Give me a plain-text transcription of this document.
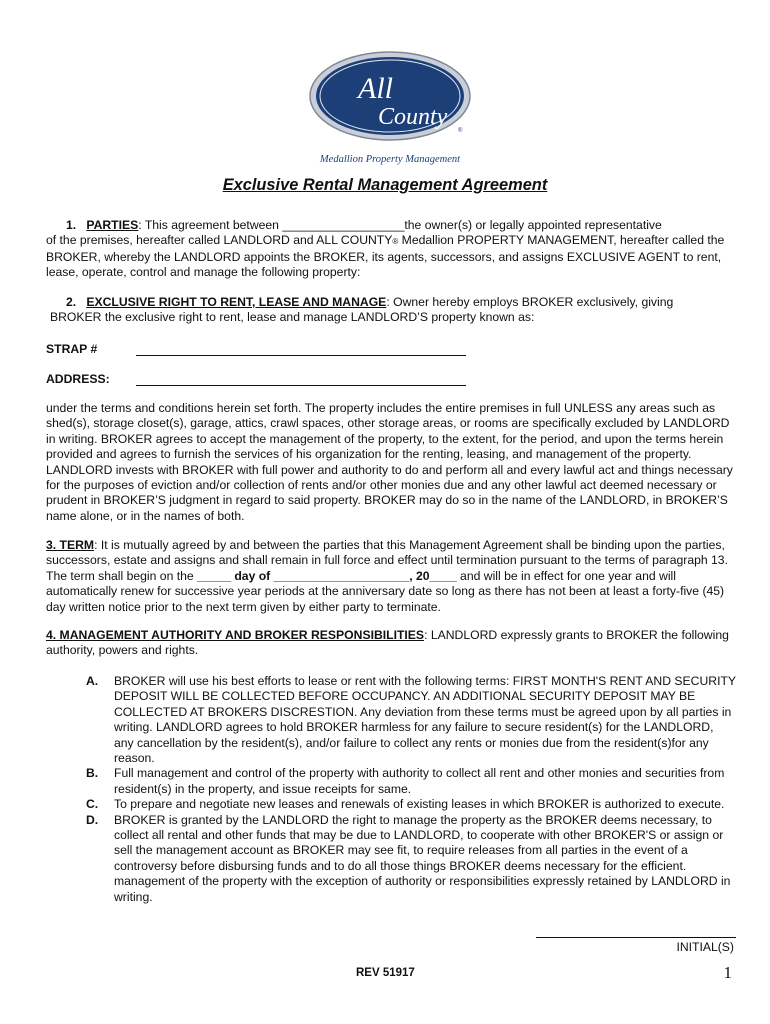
All
County
®
Medallion Property Management
Exclusive Rental Management Agreement
1. PARTIES: This agreement between __________________the owner(s) or legally appointed representative
of the premises, hereafter called LANDLORD and ALL COUNTY® Medallion PROPERTY MANAGEMENT, hereafter called the BROKER, whereby the LANDLORD appoints the BROKER, its agents, successors, and assigns EXCLUSIVE AGENT to rent, lease, operate, control and manage the following property:
2. EXCLUSIVE RIGHT TO RENT, LEASE AND MANAGE: Owner hereby employs BROKER exclusively, giving
BROKER the exclusive right to rent, lease and manage LANDLORD’S property known as:
STRAP #
ADDRESS:
under the terms and conditions herein set forth. The property includes the entire premises in full UNLESS any areas such as shed(s), storage closet(s), garage, attics, crawl spaces, other storage areas, or rooms are specifically excluded by LANDLORD in writing. BROKER agrees to accept the management of the property, to the extent, for the period, and upon the terms herein provided and agrees to furnish the services of his organization for the renting, leasing, and management of the property. LANDLORD invests with BROKER with full power and authority to do and perform all and every lawful act and things necessary for the purposes of eviction and/or collection of rents and/or other monies due and any other lawful act deemed necessary or prudent in BROKER’S judgment in regard to said property. BROKER may do so in the name of the LANDLORD, in BROKER’S name alone, or in the names of both.
3. TERM: It is mutually agreed by and between the parties that this Management Agreement shall be binding upon the parties, successors, estate and assigns and shall remain in full force and effect until termination pursuant to the terms of paragraph 13. The term shall begin on the _____ day of ____________________, 20____ and will be in effect for one year and will automatically renew for successive year periods at the anniversary date so long as there has not been at least a forty-five (45) day written notice prior to the next term given by either party to terminate.
4. MANAGEMENT AUTHORITY AND BROKER RESPONSIBILITIES: LANDLORD expressly grants to BROKER the following authority, powers and rights.
A.	BROKER will use his best efforts to lease or rent with the following terms: FIRST MONTH'S RENT AND SECURITY DEPOSIT WILL BE COLLECTED BEFORE OCCUPANCY. AN ADDITIONAL SECURITY DEPOSIT MAY BE COLLECTED AT BROKERS DISCRESTION. Any deviation from these terms must be agreed upon by all parties in writing. LANDLORD agrees to hold BROKER harmless for any failure to secure resident(s) for the LANDLORD, any cancellation by the resident(s), and/or failure to collect any rents or monies due from the resident(s)for any reason.
B.	Full management and control of the property with authority to collect all rent and other monies and securities from resident(s) in the property, and issue receipts for same.
C.	To prepare and negotiate new leases and renewals of existing leases in which BROKER is authorized to execute.
D.	BROKER is granted by the LANDLORD the right to manage the property as the BROKER deems necessary, to collect all rental and other funds that may be due to LANDLORD, to cooperate with other BROKER'S or assign or sell the management account as BROKER may see fit, to require releases from all parties in the event of a controversy before disbursing funds and to do all those things BROKER deems necessary for the efficient. management of the property with the exception of authority or responsibilities expressly retained by LANDLORD in writing.
INITIAL(S)
REV 51917	1
